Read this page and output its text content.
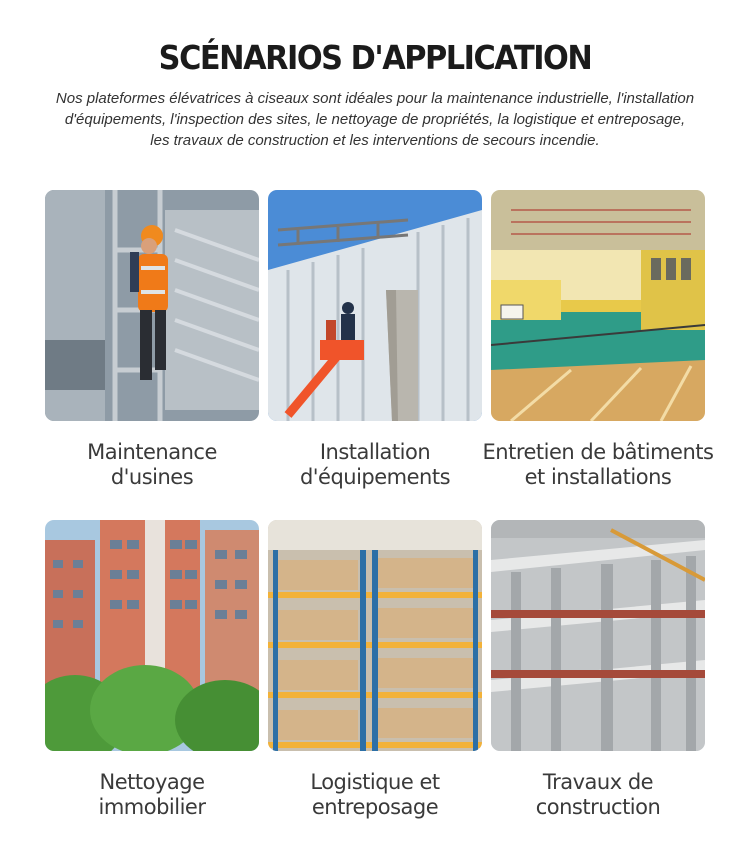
SCÉNARIOS D'APPLICATION
Nos plateformes élévatrices à ciseaux sont idéales pour la maintenance industrielle, l'installation d'équipements, l'inspection des sites, le nettoyage de propriétés, la logistique et entreposage, les travaux de construction et les interventions de secours incendie.
Maintenance
d'usines
Installation
d'équipements
Entretien de bâtiments
et installations
Nettoyage
immobilier
Logistique et
entreposage
Travaux de
construction
